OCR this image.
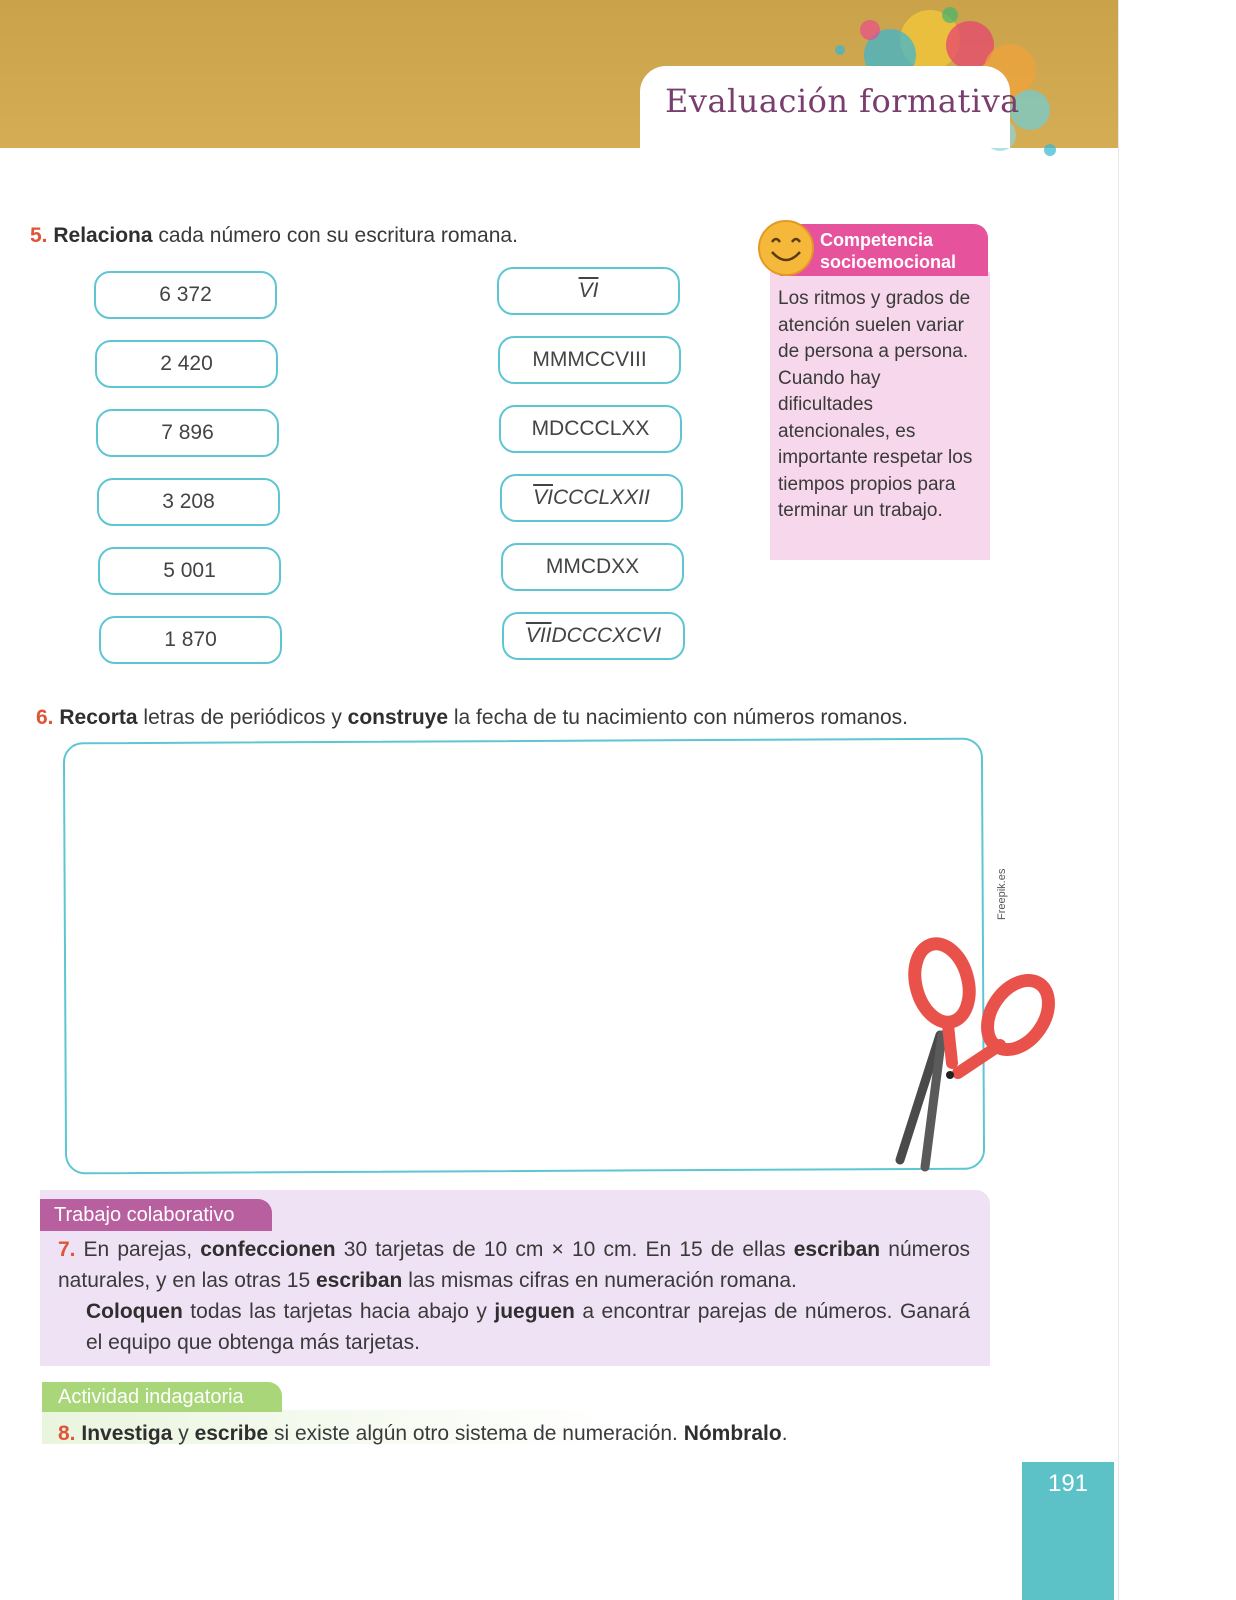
Evaluación formativa

5. Relaciona cada número con su escritura romana.

6 372
2 420
7 896
3 208
5 001
1 870
$\overline{VI}$
MMMCCVIII
MDCCCLXX
$\overline{VI}$ CCCLXXII
MMCDXX
$\overline{VII}$ DCCCXCVI
Competencia
socioemocional

Los ritmos y grados de atención suelen variar de persona a persona. Cuando hay dificultades atencionales, es importante respetar los tiempos propios para terminar un trabajo.

6. Recorta letras de periódicos y construye la fecha de tu nacimiento con números romanos.

Freepik.es
Trabajo colaborativo

7. En parejas, confeccionen 30 tarjetas de 10 cm × 10 cm. En 15 de ellas escriban números naturales, y en las otras 15 escriban las mismas cifras en numeración romana.
Coloquen todas las tarjetas hacia abajo y jueguen a encontrar parejas de números. Ganará el equipo que obtenga más tarjetas.

Actividad indagatoria

8. Investiga y escribe si existe algún otro sistema de numeración. Nómbralo.

191
